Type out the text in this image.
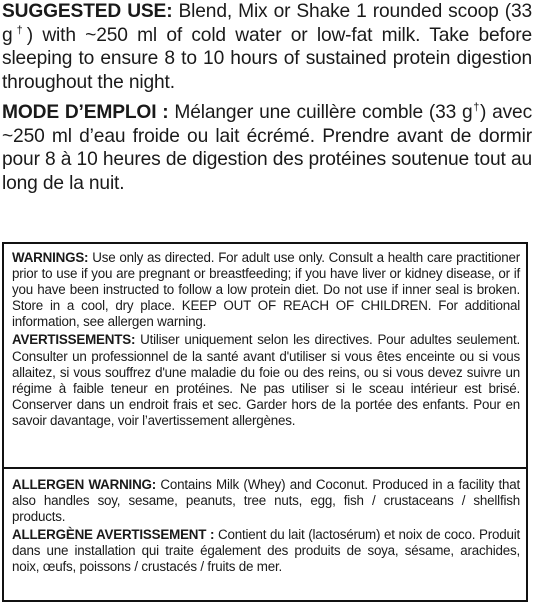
SUGGESTED USE: Blend, Mix or Shake 1 rounded scoop (33 g†) with ~250 ml of cold water or low-fat milk. Take before sleeping to ensure 8 to 10 hours of sustained protein digestion throughout the night.

MODE D’EMPLOI : Mélanger une cuillère comble (33 g†) avec ~250 ml d’eau froide ou lait écrémé. Prendre avant de dormir pour 8 à 10 heures de digestion des protéines soutenue tout au long de la nuit.

WARNINGS: Use only as directed. For adult use only. Consult a health care practitioner prior to use if you are pregnant or breastfeeding; if you have liver or kidney disease, or if you have been instructed to follow a low protein diet. Do not use if inner seal is broken. Store in a cool, dry place. KEEP OUT OF REACH OF CHILDREN. For additional information, see allergen warning.

AVERTISSEMENTS: Utiliser uniquement selon les directives. Pour adultes seulement. Consulter un professionnel de la santé avant d'utiliser si vous êtes enceinte ou si vous allaitez, si vous souffrez d'une maladie du foie ou des reins, ou si vous devez suivre un régime à faible teneur en protéines. Ne pas utiliser si le sceau intérieur est brisé. Conserver dans un endroit frais et sec. Garder hors de la portée des enfants. Pour en savoir davantage, voir l’avertissement allergènes.

ALLERGEN WARNING: Contains Milk (Whey) and Coconut. Produced in a facility that also handles soy, sesame, peanuts, tree nuts, egg, fish / crustaceans / shellfish products.

ALLERGÈNE AVERTISSEMENT : Contient du lait (lactosérum) et noix de coco. Produit dans une installation qui traite également des produits de soya, sésame, arachides, noix, œufs, poissons / crustacés / fruits de mer.
